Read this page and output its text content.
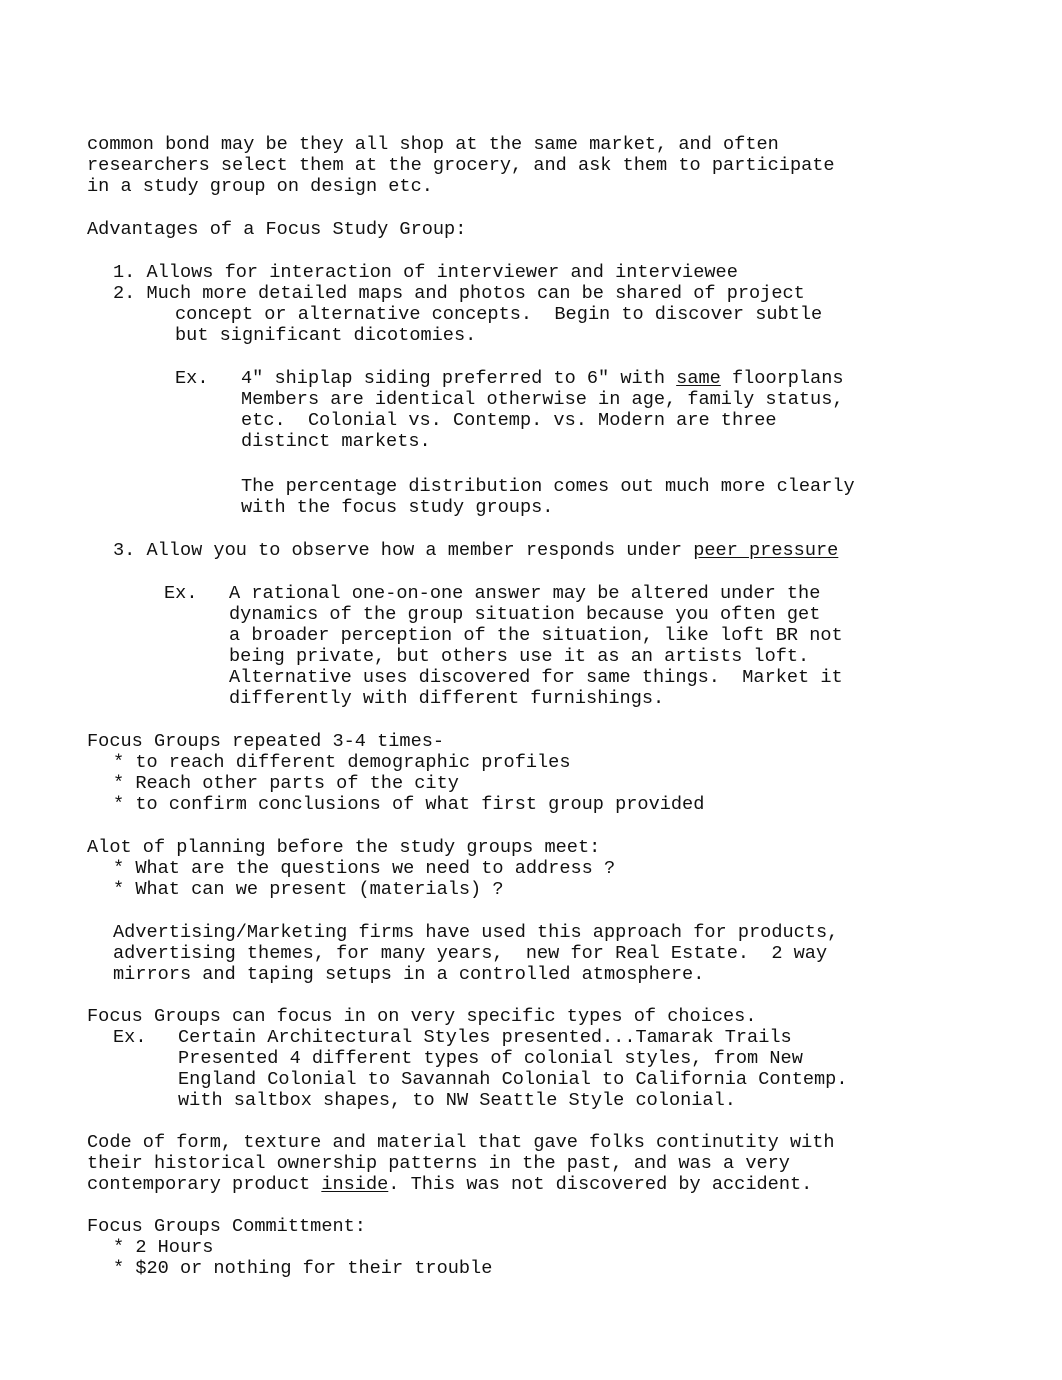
common bond may be they all shop at the same market, and often

researchers select them at the grocery, and ask them to participate

in a study group on design etc.

Advantages of a Focus Study Group:

1. Allows for interaction of interviewer and interviewee

2. Much more detailed maps and photos can be shared of project

concept or alternative concepts.  Begin to discover subtle

but significant dicotomies.

Ex. 4" shiplap siding preferred to 6" with same floorplans

Members are identical otherwise in age, family status,

etc.  Colonial vs. Contemp. vs. Modern are three

distinct markets.

The percentage distribution comes out much more clearly

with the focus study groups.

3. Allow you to observe how a member responds under peer pressure

Ex. A rational one-on-one answer may be altered under the

dynamics of the group situation because you often get

a broader perception of the situation, like loft BR not

being private, but others use it as an artists loft.

Alternative uses discovered for same things.  Market it

differently with different furnishings.

Focus Groups repeated 3-4 times-

* to reach different demographic profiles

* Reach other parts of the city

* to confirm conclusions of what first group provided

Alot of planning before the study groups meet:

* What are the questions we need to address ?

* What can we present (materials) ?

Advertising/Marketing firms have used this approach for products,

advertising themes, for many years,  new for Real Estate.  2 way

mirrors and taping setups in a controlled atmosphere.

Focus Groups can focus in on very specific types of choices.

Ex. Certain Architectural Styles presented...Tamarak Trails

Presented 4 different types of colonial styles, from New

England Colonial to Savannah Colonial to California Contemp.

with saltbox shapes, to NW Seattle Style colonial.

Code of form, texture and material that gave folks continutity with

their historical ownership patterns in the past, and was a very

contemporary product inside. This was not discovered by accident.

Focus Groups Committment:

* 2 Hours

* $20 or nothing for their trouble
